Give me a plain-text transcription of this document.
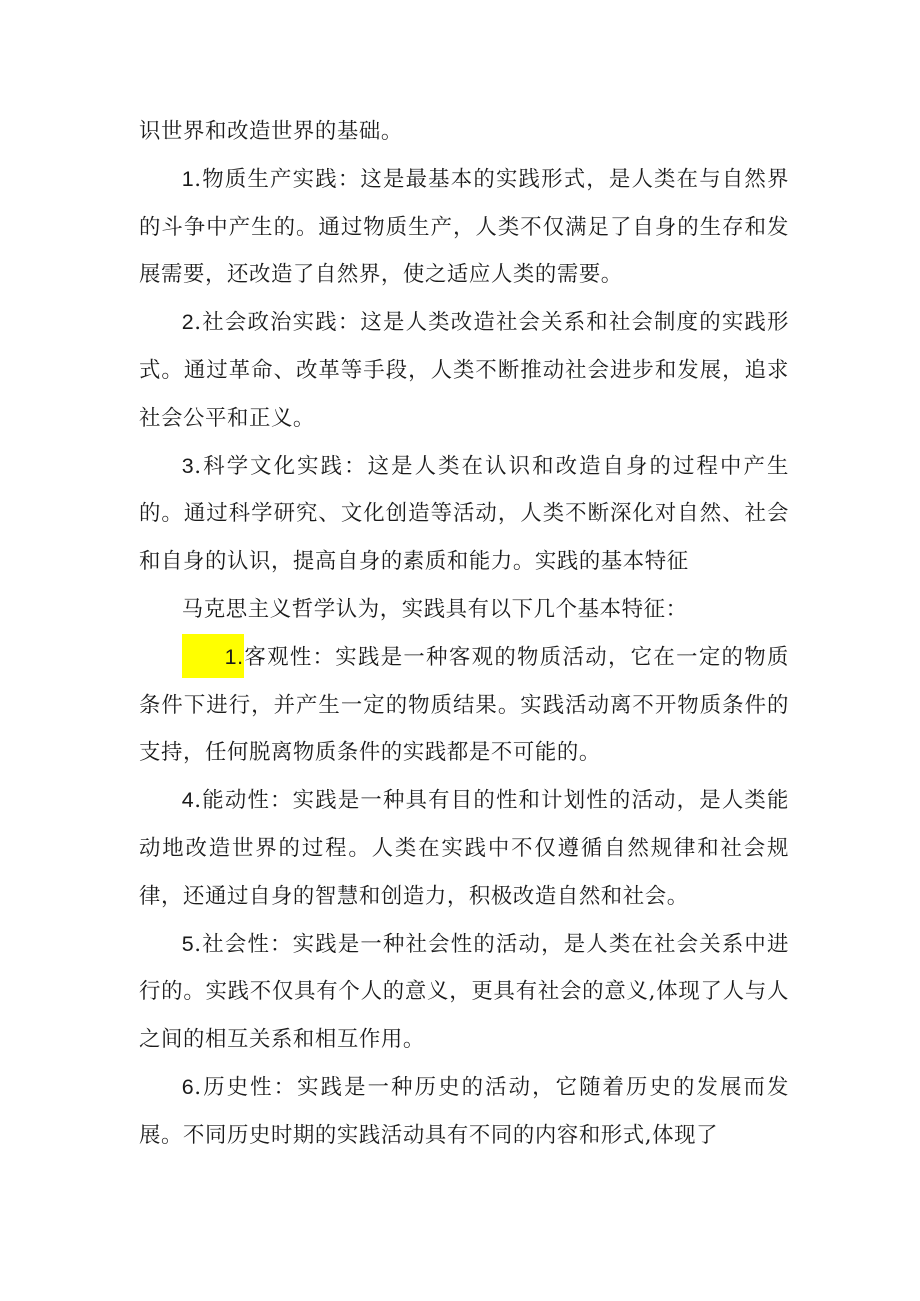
识世界和改造世界的基础。

1.物质生产实践：这是最基本的实践形式，是人类在与自然界的斗争中产生的。通过物质生产，人类不仅满足了自身的生存和发展需要，还改造了自然界，使之适应人类的需要。

2.社会政治实践：这是人类改造社会关系和社会制度的实践形式。通过革命、改革等手段，人类不断推动社会进步和发展，追求社会公平和正义。

3.科学文化实践：这是人类在认识和改造自身的过程中产生的。通过科学研究、文化创造等活动，人类不断深化对自然、社会和自身的认识，提高自身的素质和能力。实践的基本特征

马克思主义哲学认为，实践具有以下几个基本特征：

1.客观性：实践是一种客观的物质活动，它在一定的物质条件下进行，并产生一定的物质结果。实践活动离不开物质条件的支持，任何脱离物质条件的实践都是不可能的。

4.能动性：实践是一种具有目的性和计划性的活动，是人类能动地改造世界的过程。人类在实践中不仅遵循自然规律和社会规律，还通过自身的智慧和创造力，积极改造自然和社会。

5.社会性：实践是一种社会性的活动，是人类在社会关系中进行的。实践不仅具有个人的意义，更具有社会的意义,体现了人与人之间的相互关系和相互作用。

6.历史性：实践是一种历史的活动，它随着历史的发展而发展。不同历史时期的实践活动具有不同的内容和形式,体现了
